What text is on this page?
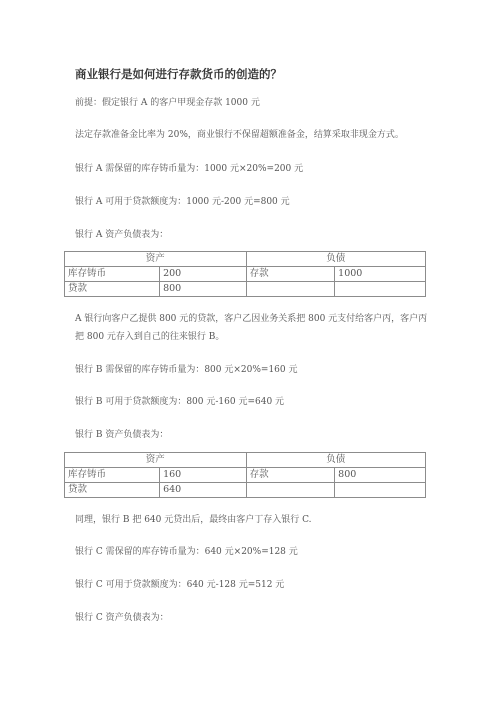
商业银行是如何进行存款货币的创造的？
前提：假定银行 A 的客户甲现金存款 1000 元
法定存款准备金比率为 20%，商业银行不保留超额准备金，结算采取非现金方式。
银行 A 需保留的库存铸币量为：1000 元×20%=200 元
银行 A 可用于贷款额度为：1000 元-200 元=800 元
银行 A 资产负债表为：
资产		负债	
库存铸币	200	存款	1000
贷款	800		
A 银行向客户乙提供 800 元的贷款，客户乙因业务关系把 800 元支付给客户丙，客户丙把 800 元存入到自己的往来银行 B。
银行 B 需保留的库存铸币量为：800 元×20%=160 元
银行 B 可用于贷款额度为：800 元-160 元=640 元
银行 B 资产负债表为：
资产		负债	
库存铸币	160	存款	800
贷款	640		
同理，银行 B 把 640 元贷出后，最终由客户丁存入银行 C.
银行 C 需保留的库存铸币量为：640 元×20%=128 元
银行 C 可用于贷款额度为：640 元-128 元=512 元
银行 C 资产负债表为：
